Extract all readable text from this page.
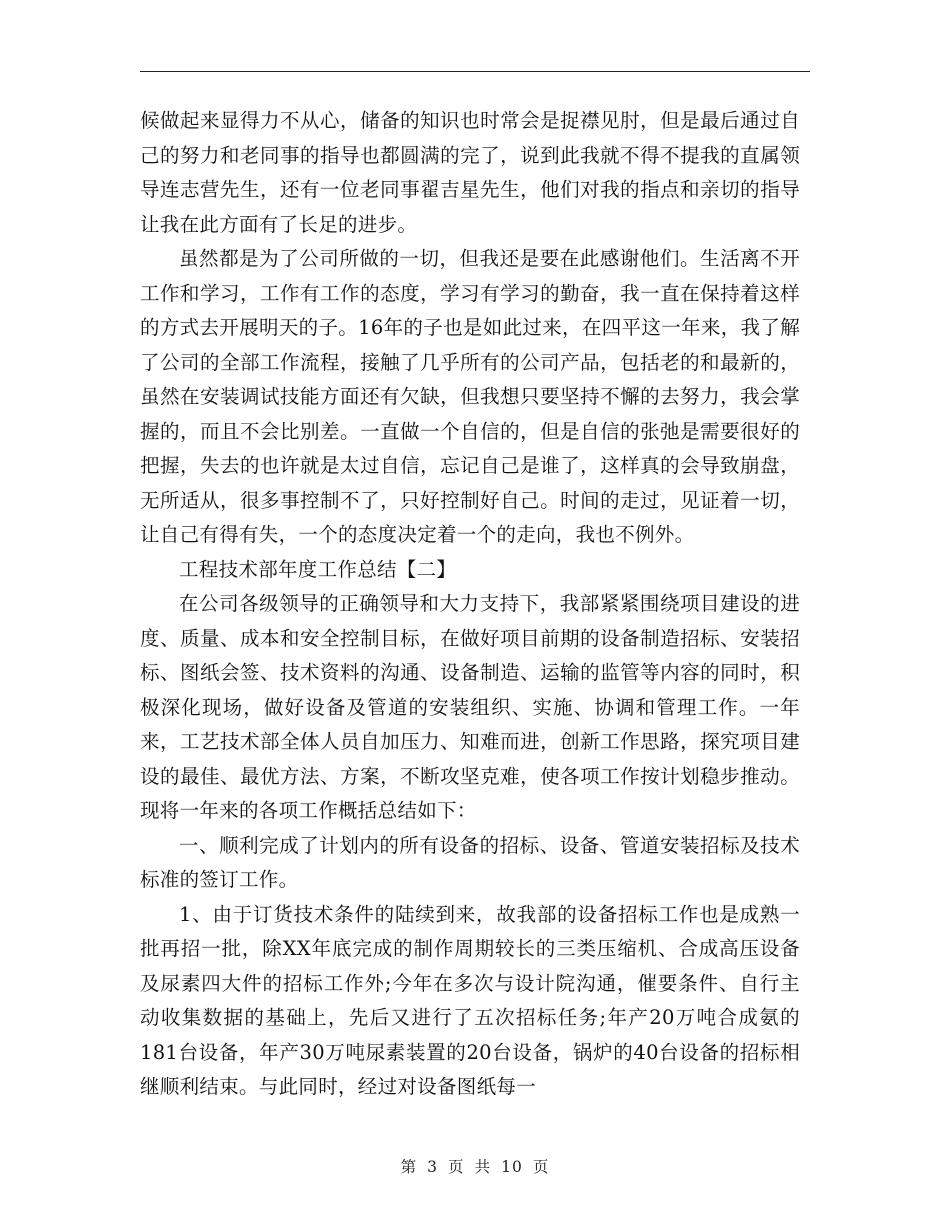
候做起来显得力不从心，储备的知识也时常会是捉襟见肘，但是最后通过自己的努力和老同事的指导也都圆满的完了，说到此我就不得不提我的直属领导连志营先生，还有一位老同事翟吉星先生，他们对我的指点和亲切的指导让我在此方面有了长足的进步。

虽然都是为了公司所做的一切，但我还是要在此感谢他们。生活离不开工作和学习，工作有工作的态度，学习有学习的勤奋，我一直在保持着这样的方式去开展明天的子。16年的子也是如此过来，在四平这一年来，我了解了公司的全部工作流程，接触了几乎所有的公司产品，包括老的和最新的，虽然在安装调试技能方面还有欠缺，但我想只要坚持不懈的去努力，我会掌握的，而且不会比别差。一直做一个自信的，但是自信的张弛是需要很好的把握，失去的也许就是太过自信，忘记自己是谁了，这样真的会导致崩盘，无所适从，很多事控制不了，只好控制好自己。时间的走过，见证着一切，让自己有得有失，一个的态度决定着一个的走向，我也不例外。

工程技术部年度工作总结【二】

在公司各级领导的正确领导和大力支持下，我部紧紧围绕项目建设的进度、质量、成本和安全控制目标，在做好项目前期的设备制造招标、安装招标、图纸会签、技术资料的沟通、设备制造、运输的监管等内容的同时，积极深化现场，做好设备及管道的安装组织、实施、协调和管理工作。一年来，工艺技术部全体人员自加压力、知难而进，创新工作思路，探究项目建设的最佳、最优方法、方案，不断攻坚克难，使各项工作按计划稳步推动。现将一年来的各项工作概括总结如下：

一、顺利完成了计划内的所有设备的招标、设备、管道安装招标及技术标准的签订工作。

1、由于订货技术条件的陆续到来，故我部的设备招标工作也是成熟一批再招一批，除XX年底完成的制作周期较长的三类压缩机、合成高压设备及尿素四大件的招标工作外;今年在多次与设计院沟通，催要条件、自行主动收集数据的基础上，先后又进行了五次招标任务;年产20万吨合成氨的181台设备，年产30万吨尿素装置的20台设备，锅炉的40台设备的招标相继顺利结束。与此同时，经过对设备图纸每一

第 3 页 共 10 页
